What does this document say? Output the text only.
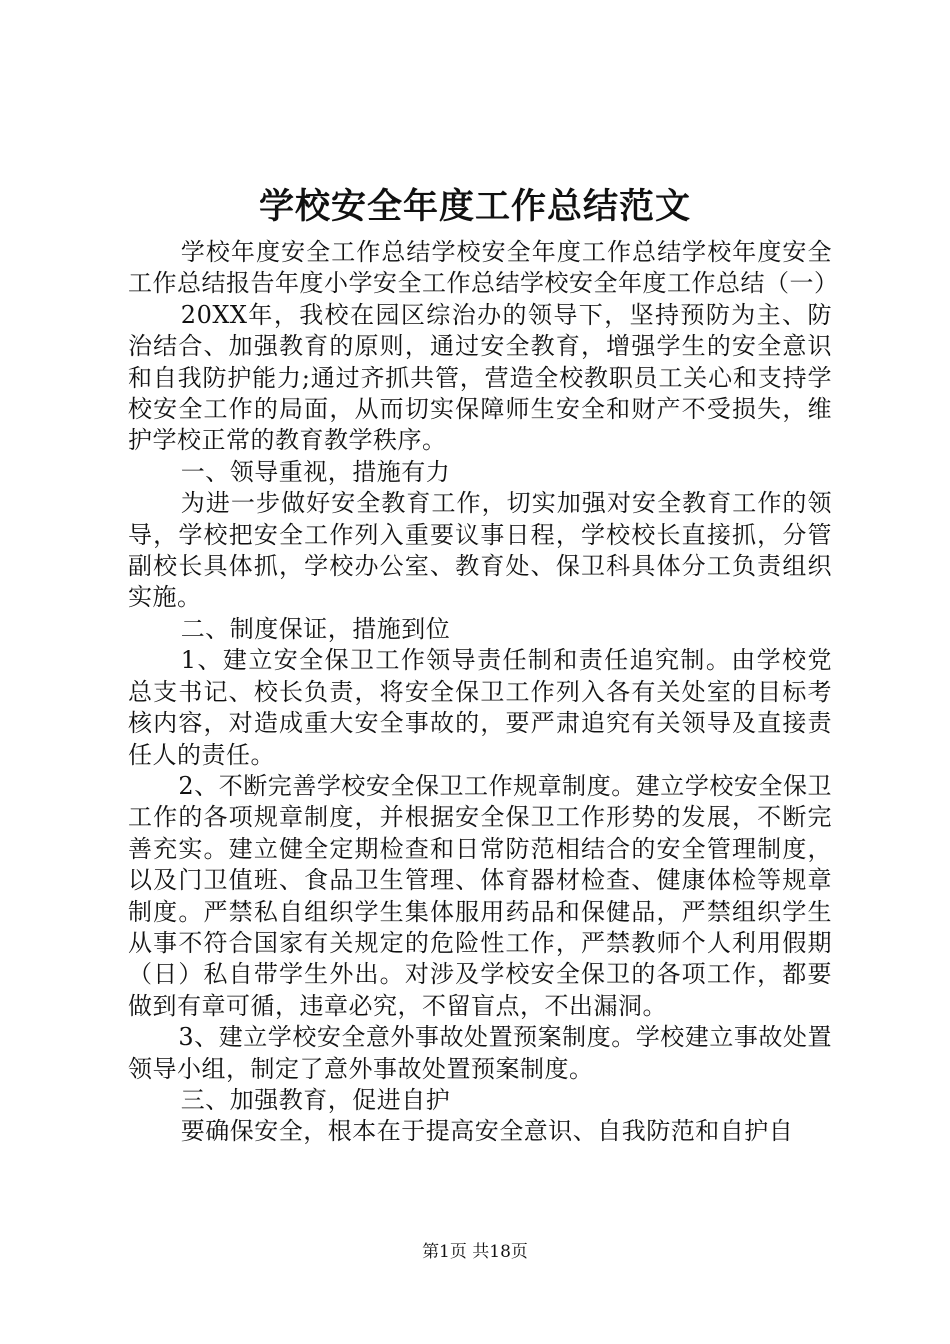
学校安全年度工作总结范文

学校年度安全工作总结学校安全年度工作总结学校年度安全工作总结报告年度小学安全工作总结学校安全年度工作总结（一）

20XX年，我校在园区综治办的领导下，坚持预防为主、防治结合、加强教育的原则，通过安全教育，增强学生的安全意识和自我防护能力;通过齐抓共管，营造全校教职员工关心和支持学校安全工作的局面，从而切实保障师生安全和财产不受损失，维护学校正常的教育教学秩序。

一、领导重视，措施有力

为进一步做好安全教育工作，切实加强对安全教育工作的领导，学校把安全工作列入重要议事日程，学校校长直接抓，分管副校长具体抓，学校办公室、教育处、保卫科具体分工负责组织实施。

二、制度保证，措施到位

1、建立安全保卫工作领导责任制和责任追究制。由学校党总支书记、校长负责，将安全保卫工作列入各有关处室的目标考核内容，对造成重大安全事故的，要严肃追究有关领导及直接责任人的责任。

2、不断完善学校安全保卫工作规章制度。建立学校安全保卫工作的各项规章制度，并根据安全保卫工作形势的发展，不断完善充实。建立健全定期检查和日常防范相结合的安全管理制度，以及门卫值班、食品卫生管理、体育器材检查、健康体检等规章制度。严禁私自组织学生集体服用药品和保健品，严禁组织学生从事不符合国家有关规定的危险性工作，严禁教师个人利用假期（日）私自带学生外出。对涉及学校安全保卫的各项工作，都要做到有章可循，违章必究，不留盲点，不出漏洞。

3、建立学校安全意外事故处置预案制度。学校建立事故处置领导小组，制定了意外事故处置预案制度。

三、加强教育，促进自护

要确保安全，根本在于提高安全意识、自我防范和自护自

第1页 共18页
